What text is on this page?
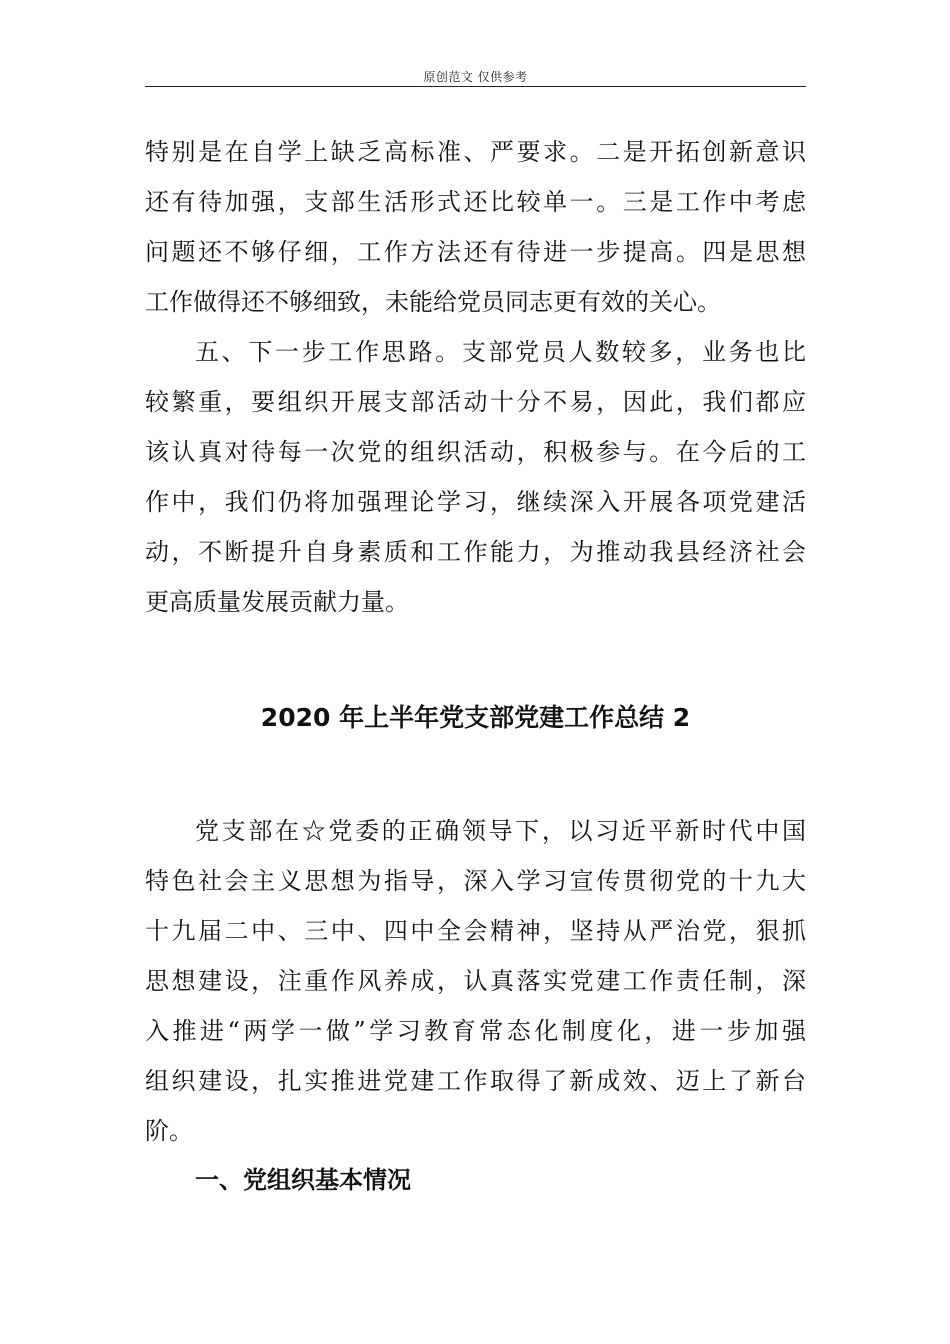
原创范文 仅供参考
特别是在自学上缺乏高标准、严要求。二是开拓创新意识
还有待加强，支部生活形式还比较单一。三是工作中考虑
问题还不够仔细，工作方法还有待进一步提高。四是思想
工作做得还不够细致，未能给党员同志更有效的关心。
五、下一步工作思路。支部党员人数较多，业务也比
较繁重，要组织开展支部活动十分不易，因此，我们都应
该认真对待每一次党的组织活动，积极参与。在今后的工
作中，我们仍将加强理论学习，继续深入开展各项党建活
动，不断提升自身素质和工作能力，为推动我县经济社会
更高质量发展贡献力量。
2020 年上半年党支部党建工作总结 2
党支部在☆党委的正确领导下，以习近平新时代中国
特色社会主义思想为指导，深入学习宣传贯彻党的十九大
十九届二中、三中、四中全会精神，坚持从严治党，狠抓
思想建设，注重作风养成，认真落实党建工作责任制，深
入推进“两学一做”学习教育常态化制度化，进一步加强
组织建设，扎实推进党建工作取得了新成效、迈上了新台
阶。
一、党组织基本情况
